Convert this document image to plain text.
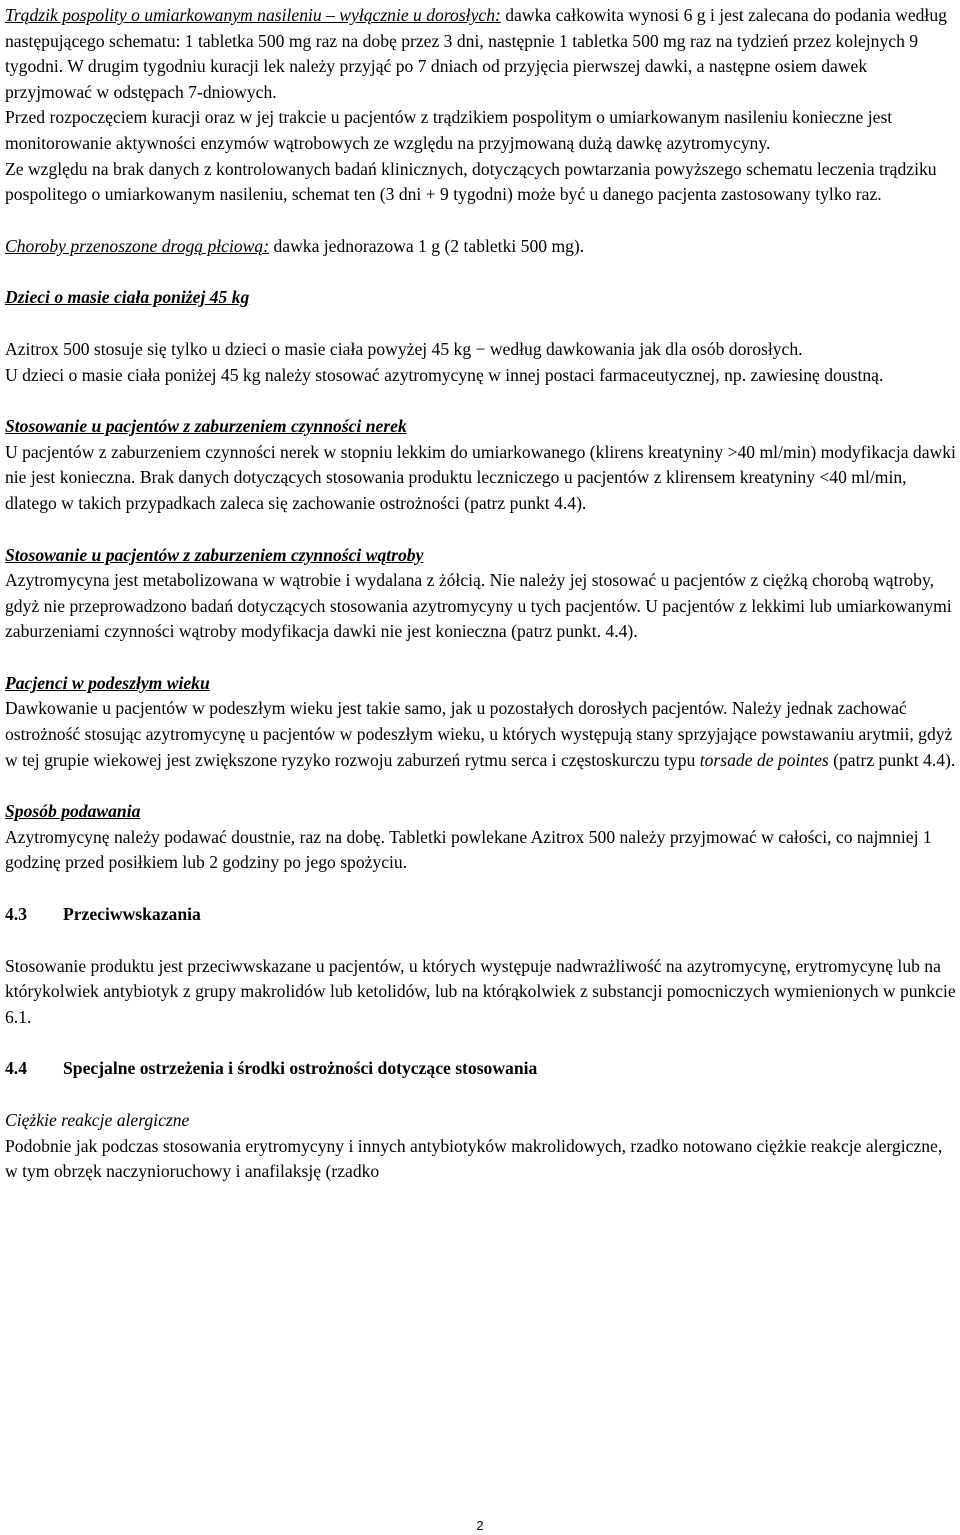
Trądzik pospolity o umiarkowanym nasileniu – wyłącznie u dorosłych: dawka całkowita wynosi 6 g i jest zalecana do podania według następującego schematu: 1 tabletka 500 mg raz na dobę przez 3 dni, następnie 1 tabletka 500 mg raz na tydzień przez kolejnych 9 tygodni. W drugim tygodniu kuracji lek należy przyjąć po 7 dniach od przyjęcia pierwszej dawki, a następne osiem dawek przyjmować w odstępach 7-dniowych.

Przed rozpoczęciem kuracji oraz w jej trakcie u pacjentów z trądzikiem pospolitym o umiarkowanym nasileniu konieczne jest monitorowanie aktywności enzymów wątrobowych ze względu na przyjmowaną dużą dawkę azytromycyny.

Ze względu na brak danych z kontrolowanych badań klinicznych, dotyczących powtarzania powyższego schematu leczenia trądziku pospolitego o umiarkowanym nasileniu, schemat ten (3 dni + 9 tygodni) może być u danego pacjenta zastosowany tylko raz.

Choroby przenoszone drogą płciową: dawka jednorazowa 1 g (2 tabletki 500 mg).

Dzieci o masie ciała poniżej 45 kg

Azitrox 500 stosuje się tylko u dzieci o masie ciała powyżej 45 kg − według dawkowania jak dla osób dorosłych.

U dzieci o masie ciała poniżej 45 kg należy stosować azytromycynę w innej postaci farmaceutycznej, np. zawiesinę doustną.

Stosowanie u pacjentów z zaburzeniem czynności nerek

U pacjentów z zaburzeniem czynności nerek w stopniu lekkim do umiarkowanego (klirens kreatyniny >40 ml/min) modyfikacja dawki nie jest konieczna. Brak danych dotyczących stosowania produktu leczniczego u pacjentów z klirensem kreatyniny <40 ml/min, dlatego w takich przypadkach zaleca się zachowanie ostrożności (patrz punkt 4.4).

Stosowanie u pacjentów z zaburzeniem czynności wątroby

Azytromycyna jest metabolizowana w wątrobie i wydalana z żółcią. Nie należy jej stosować u pacjentów z ciężką chorobą wątroby, gdyż nie przeprowadzono badań dotyczących stosowania azytromycyny u tych pacjentów. U pacjentów z lekkimi lub umiarkowanymi zaburzeniami czynności wątroby modyfikacja dawki nie jest konieczna (patrz punkt. 4.4).

Pacjenci w podeszłym wieku

Dawkowanie u pacjentów w podeszłym wieku jest takie samo, jak u pozostałych dorosłych pacjentów. Należy jednak zachować ostrożność stosując azytromycynę u pacjentów w podeszłym wieku, u których występują stany sprzyjające powstawaniu arytmii, gdyż w tej grupie wiekowej jest zwiększone ryzyko rozwoju zaburzeń rytmu serca i częstoskurczu typu torsade de pointes (patrz punkt 4.4).

Sposób podawania

Azytromycynę należy podawać doustnie, raz na dobę. Tabletki powlekane Azitrox 500 należy przyjmować w całości, co najmniej 1 godzinę przed posiłkiem lub 2 godziny po jego spożyciu.

4.3	Przeciwwskazania

Stosowanie produktu jest przeciwwskazane u pacjentów, u których występuje nadwrażliwość na azytromycynę, erytromycynę lub na którykolwiek antybiotyk z grupy makrolidów lub ketolidów, lub na którąkolwiek z substancji pomocniczych wymienionych w punkcie 6.1.

4.4	Specjalne ostrzeżenia i środki ostrożności dotyczące stosowania

Ciężkie reakcje alergiczne

Podobnie jak podczas stosowania erytromycyny i innych antybiotyków makrolidowych, rzadko notowano ciężkie reakcje alergiczne, w tym obrzęk naczynioruchowy i anafilaksję (rzadko

2
